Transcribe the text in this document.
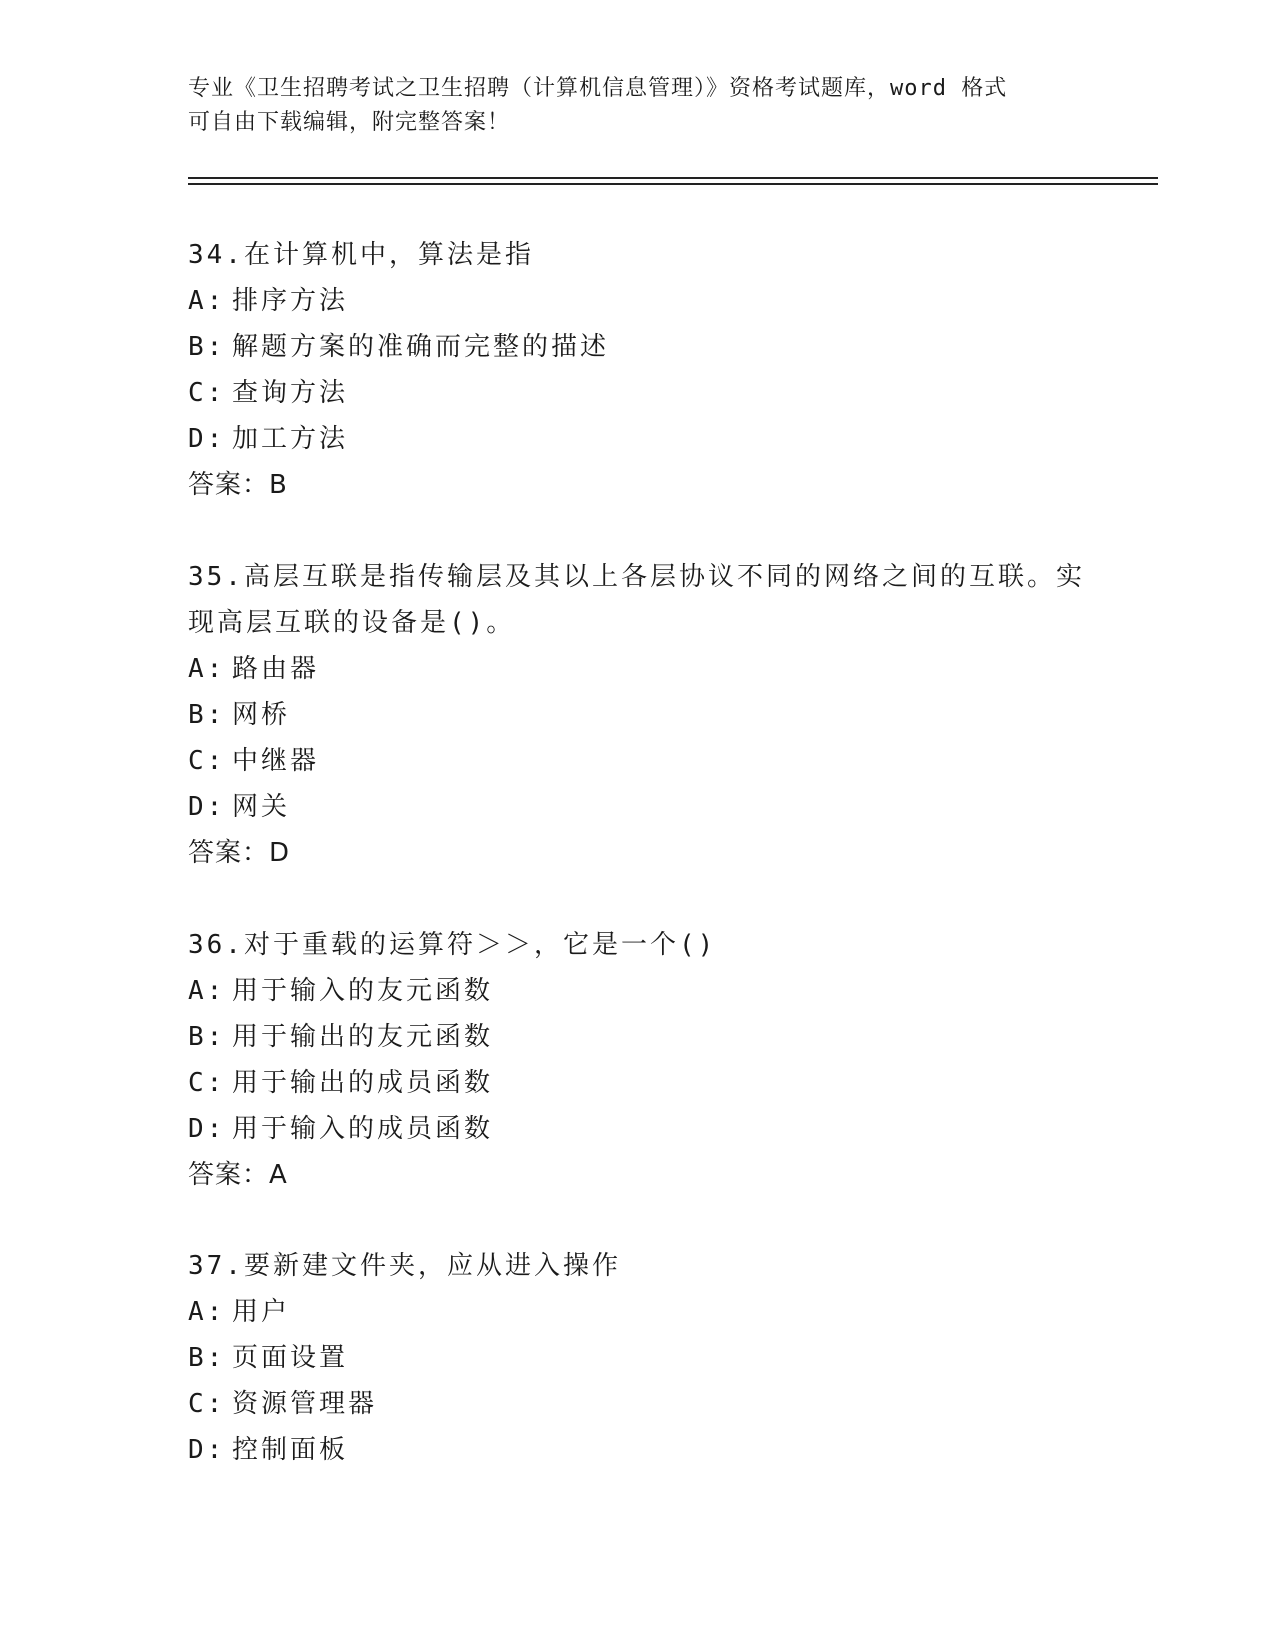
专业《卫生招聘考试之卫生招聘（计算机信息管理）》资格考试题库，word 格式
可自由下载编辑，附完整答案！
34.在计算机中，算法是指
A: 排序方法
B: 解题方案的准确而完整的描述
C: 查询方法
D: 加工方法
答案：B
35.高层互联是指传输层及其以上各层协议不同的网络之间的互联。实
现高层互联的设备是()。
A: 路由器
B: 网桥
C: 中继器
D: 网关
答案：D
36.对于重载的运算符＞＞，它是一个()
A: 用于输入的友元函数
B: 用于输出的友元函数
C: 用于输出的成员函数
D: 用于输入的成员函数
答案：A
37.要新建文件夹，应从进入操作
A: 用户
B: 页面设置
C: 资源管理器
D: 控制面板
